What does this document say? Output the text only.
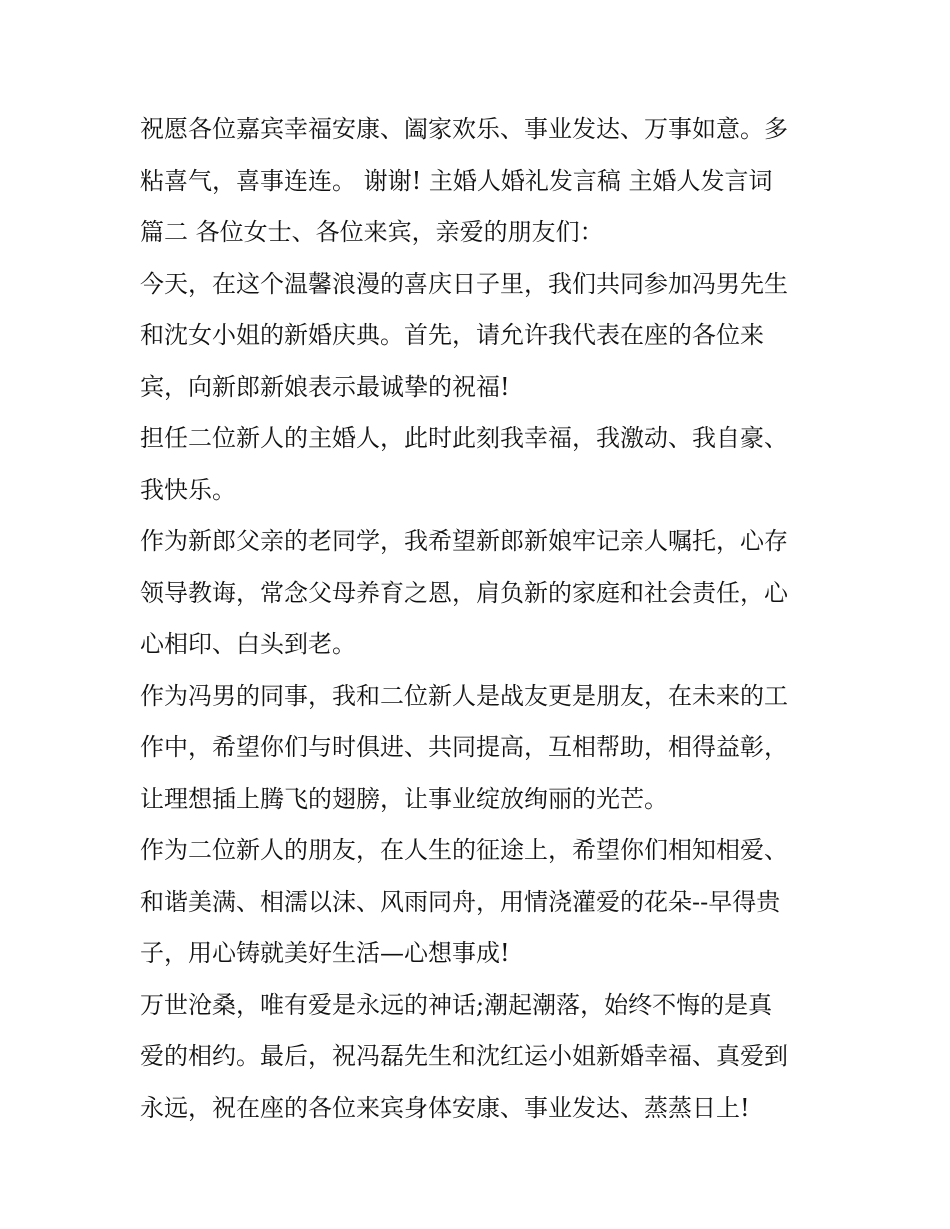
祝愿各位嘉宾幸福安康、阖家欢乐、事业发达、万事如意。多
粘喜气，喜事连连。 谢谢! 主婚人婚礼发言稿 主婚人发言词
篇二 各位女士、各位来宾，亲爱的朋友们：
今天，在这个温馨浪漫的喜庆日子里，我们共同参加冯男先生
和沈女小姐的新婚庆典。首先，请允许我代表在座的各位来
宾，向新郎新娘表示最诚挚的祝福!
担任二位新人的主婚人，此时此刻我幸福，我激动、我自豪、
我快乐。
作为新郎父亲的老同学，我希望新郎新娘牢记亲人嘱托，心存
领导教诲，常念父母养育之恩，肩负新的家庭和社会责任，心
心相印、白头到老。
作为冯男的同事，我和二位新人是战友更是朋友，在未来的工
作中，希望你们与时俱进、共同提高，互相帮助，相得益彰，
让理想插上腾飞的翅膀，让事业绽放绚丽的光芒。
作为二位新人的朋友，在人生的征途上，希望你们相知相爱、
和谐美满、相濡以沫、风雨同舟，用情浇灌爱的花朵--早得贵
子，用心铸就美好生活—心想事成!
万世沧桑，唯有爱是永远的神话;潮起潮落，始终不悔的是真
爱的相约。最后，祝冯磊先生和沈红运小姐新婚幸福、真爱到
永远，祝在座的各位来宾身体安康、事业发达、蒸蒸日上!
